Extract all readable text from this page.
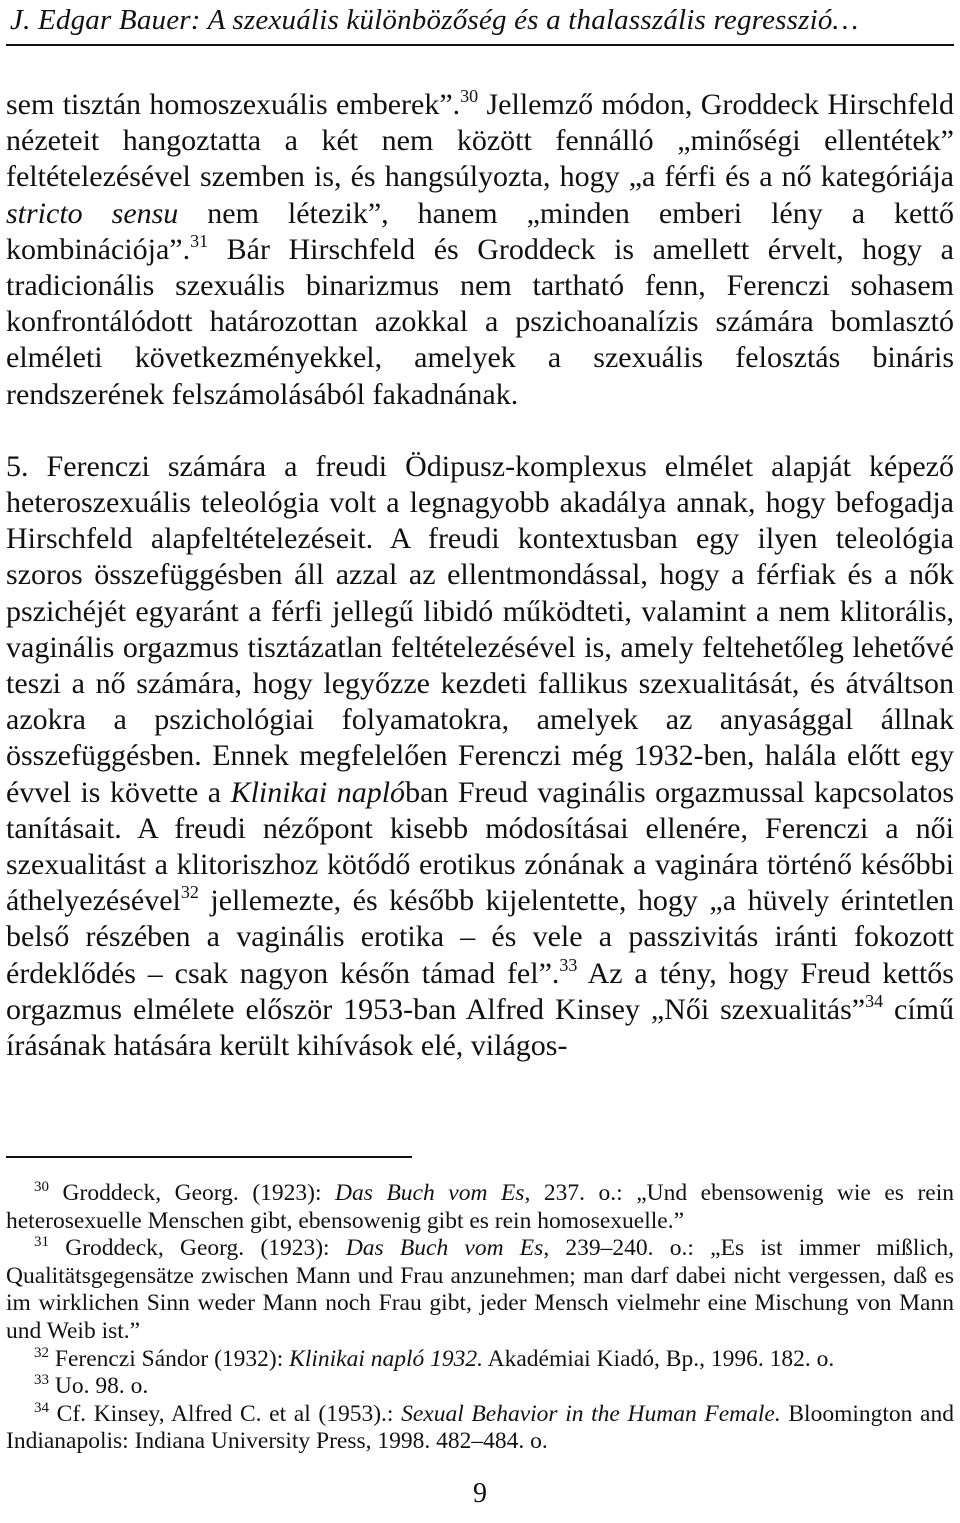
J. Edgar Bauer: A szexuális különbözőség és a thalasszális regresszió…

sem tisztán homoszexuális emberek”.$^{30}$ Jellemző módon, Groddeck Hirschfeld nézeteit hangoztatta a két nem között fennálló „minőségi ellentétek” feltételezésével szemben is, és hangsúlyozta, hogy „a férfi és a nő kategóriája stricto sensu nem létezik”, hanem „minden emberi lény a kettő kombinációja”.$^{31}$ Bár Hirschfeld és Groddeck is amellett érvelt, hogy a tradicionális szexuális binarizmus nem tartható fenn, Ferenczi sohasem konfrontálódott határozottan azokkal a pszichoanalízis számára bomlasztó elméleti következményekkel, amelyek a szexuális felosztás bináris rendszerének felszámolásából fakadnának.

5. Ferenczi számára a freudi Ödipusz-komplexus elmélet alapját képező heteroszexuális teleológia volt a legnagyobb akadálya annak, hogy befogadja Hirschfeld alapfeltételezéseit. A freudi kontextusban egy ilyen teleológia szoros összefüggésben áll azzal az ellentmondással, hogy a férfiak és a nők pszichéjét egyaránt a férfi jellegű libidó működteti, valamint a nem klitorális, vaginális orgazmus tisztázatlan feltételezésével is, amely feltehetőleg lehetővé teszi a nő számára, hogy legyőzze kezdeti fallikus szexualitását, és átváltson azokra a pszichológiai folyamatokra, amelyek az anyasággal állnak összefüggésben. Ennek megfelelően Ferenczi még 1932-ben, halála előtt egy évvel is követte a Klinikai naplóban Freud vaginális orgazmussal kapcsolatos tanításait. A freudi nézőpont kisebb módosításai ellenére, Ferenczi a női szexualitást a klitoriszhoz kötődő erotikus zónának a vaginára történő későbbi áthelyezésével$^{32}$ jellemezte, és később kijelentette, hogy „a hüvely érintetlen belső részében a vaginális erotika – és vele a passzivitás iránti fokozott érdeklődés – csak nagyon későn támad fel”.$^{33}$ Az a tény, hogy Freud kettős orgazmus elmélete először 1953-ban Alfred Kinsey „Női szexualitás”$^{34}$ című írásának hatására került kihívások elé, világos-

$^{30}$ Groddeck, Georg. (1923): Das Buch vom Es, 237. o.: „Und ebensowenig wie es rein heterosexuelle Menschen gibt, ebensowenig gibt es rein homosexuelle.”

$^{31}$ Groddeck, Georg. (1923): Das Buch vom Es, 239–240. o.: „Es ist immer mißlich, Qualitätsgegensätze zwischen Mann und Frau anzunehmen; man darf dabei nicht vergessen, daß es im wirklichen Sinn weder Mann noch Frau gibt, jeder Mensch vielmehr eine Mischung von Mann und Weib ist.”

$^{32}$ Ferenczi Sándor (1932): Klinikai napló 1932. Akadémiai Kiadó, Bp., 1996. 182. o.

$^{33}$ Uo. 98. o.

$^{34}$ Cf. Kinsey, Alfred C. et al (1953).: Sexual Behavior in the Human Female. Bloomington and Indianapolis: Indiana University Press, 1998. 482–484. o.

9
